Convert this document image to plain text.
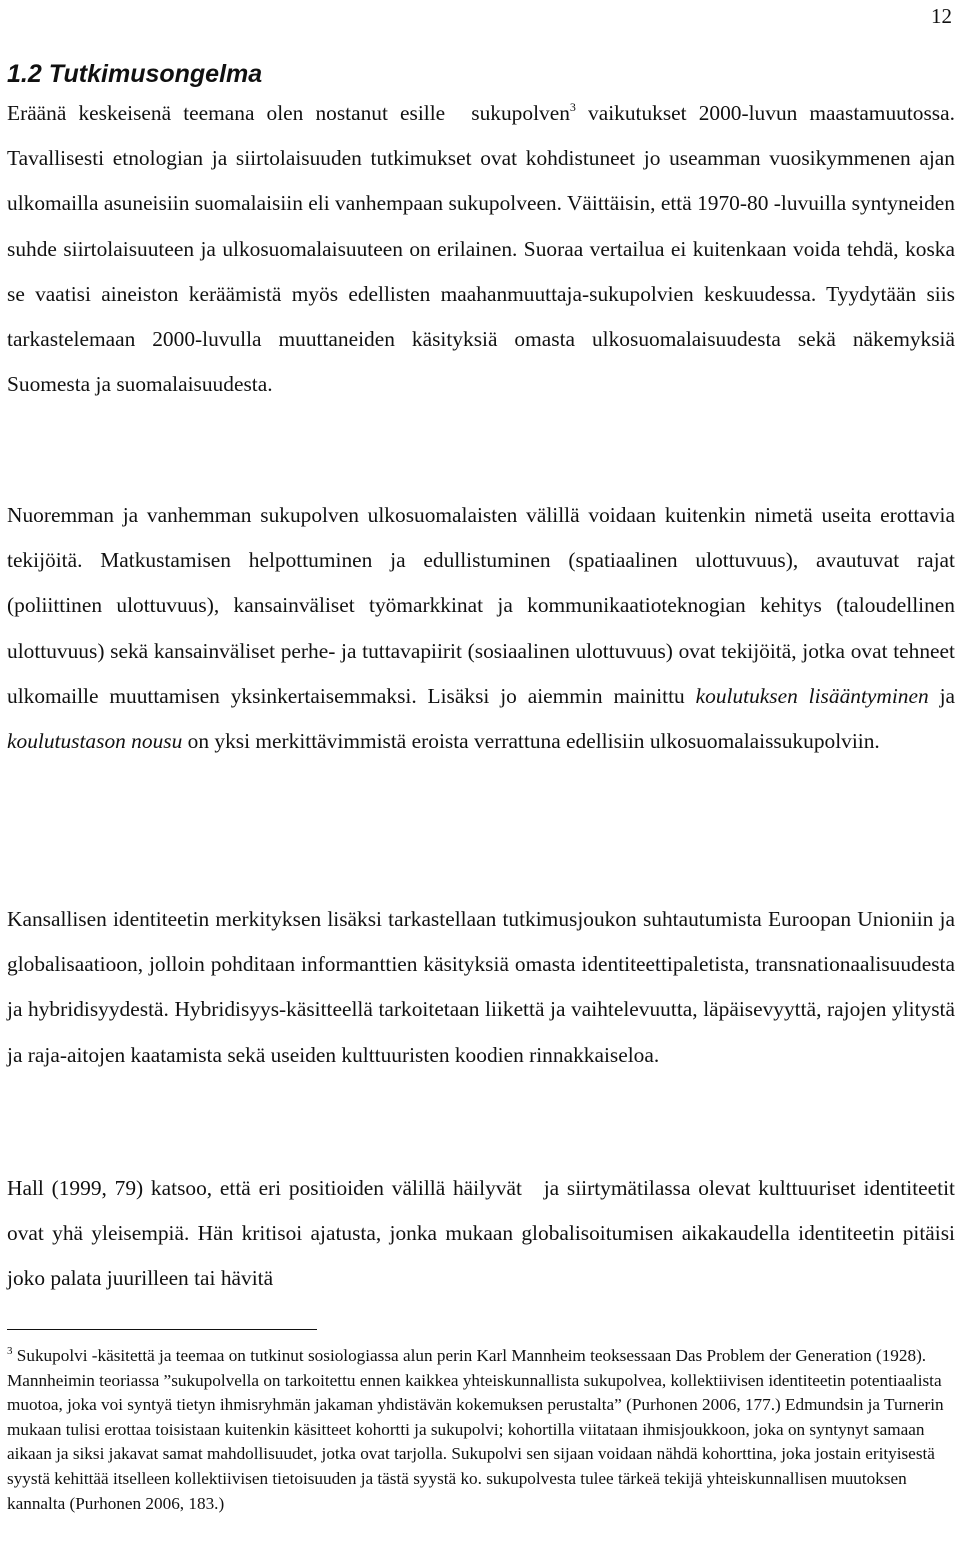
12
1.2 Tutkimusongelma

Eräänä keskeisenä teemana olen nostanut esille sukupolven$^3$ vaikutukset 2000-luvun maastamuutossa. Tavallisesti etnologian ja siirtolaisuuden tutkimukset ovat kohdistuneet jo useamman vuosikymmenen ajan ulkomailla asuneisiin suomalaisiin eli vanhempaan sukupolveen. Väittäisin, että 1970-80 -luvuilla syntyneiden suhde siirtolaisuuteen ja ulkosuomalaisuuteen on erilainen. Suoraa vertailua ei kuitenkaan voida tehdä, koska se vaatisi aineiston keräämistä myös edellisten maahanmuuttaja-sukupolvien keskuudessa. Tyydytään siis tarkastelemaan 2000-luvulla muuttaneiden käsityksiä omasta ulkosuomalaisuudesta sekä näkemyksiä Suomesta ja suomalaisuudesta.

Nuoremman ja vanhemman sukupolven ulkosuomalaisten välillä voidaan kuitenkin nimetä useita erottavia tekijöitä. Matkustamisen helpottuminen ja edullistuminen (spatiaalinen ulottuvuus), avautuvat rajat (poliittinen ulottuvuus), kansainväliset työmarkkinat ja kommunikaatioteknogian kehitys (taloudellinen ulottuvuus) sekä kansainväliset perhe- ja tuttavapiirit (sosiaalinen ulottuvuus) ovat tekijöitä, jotka ovat tehneet ulkomaille muuttamisen yksinkertaisemmaksi. Lisäksi jo aiemmin mainittu koulutuksen lisääntyminen ja koulutustason nousu on yksi merkittävimmistä eroista verrattuna edellisiin ulkosuomalaissukupolviin.

Kansallisen identiteetin merkityksen lisäksi tarkastellaan tutkimusjoukon suhtautumista Euroopan Unioniin ja globalisaatioon, jolloin pohditaan informanttien käsityksiä omasta identiteettipaletista, transnationaalisuudesta ja hybridisyydestä. Hybridisyys-käsitteellä tarkoitetaan liikettä ja vaihtelevuutta, läpäisevyyttä, rajojen ylitystä ja raja-aitojen kaatamista sekä useiden kulttuuristen koodien rinnakkaiseloa.

Hall (1999, 79) katsoo, että eri positioiden välillä häilyvät ja siirtymätilassa olevat kulttuuriset identiteetit ovat yhä yleisempiä. Hän kritisoi ajatusta, jonka mukaan globalisoitumisen aikakaudella identiteetin pitäisi joko palata juurilleen tai hävitä

$^3$ Sukupolvi -käsitettä ja teemaa on tutkinut sosiologiassa alun perin Karl Mannheim teoksessaan Das Problem der Generation (1928). Mannheimin teoriassa ”sukupolvella on tarkoitettu ennen kaikkea yhteiskunnallista sukupolvea, kollektiivisen identiteetin potentiaalista muotoa, joka voi syntyä tietyn ihmisryhmän jakaman yhdistävän kokemuksen perustalta” (Purhonen 2006, 177.) Edmundsin ja Turnerin mukaan tulisi erottaa toisistaan kuitenkin käsitteet kohortti ja sukupolvi; kohortilla viitataan ihmisjoukkoon, joka on syntynyt samaan aikaan ja siksi jakavat samat mahdollisuudet, jotka ovat tarjolla. Sukupolvi sen sijaan voidaan nähdä kohorttina, joka jostain erityisestä syystä kehittää itselleen kollektiivisen tietoisuuden ja tästä syystä ko. sukupolvesta tulee tärkeä tekijä yhteiskunnallisen muutoksen kannalta (Purhonen 2006, 183.)
